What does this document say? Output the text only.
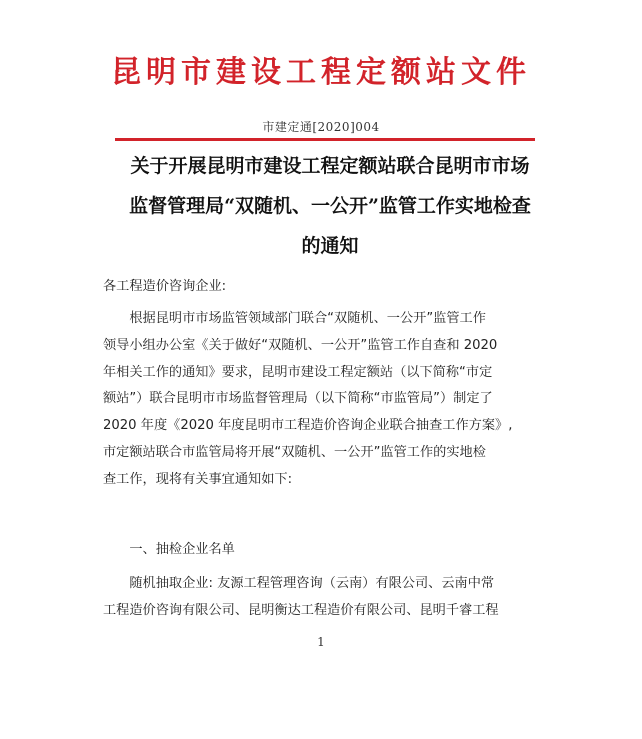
昆明市建设工程定额站文件
市建定通[2020]004
关于开展昆明市建设工程定额站联合昆明市市场
监督管理局“双随机、一公开”监管工作实地检查
的通知
各工程造价咨询企业:
　　根据昆明市市场监管领域部门联合“双随机、一公开”监管工作
领导小组办公室《关于做好“双随机、一公开”监管工作自查和 2020
年相关工作的通知》要求，昆明市建设工程定额站（以下简称“市定
额站”）联合昆明市市场监督管理局（以下简称“市监管局”）制定了
2020 年度《2020 年度昆明市工程造价咨询企业联合抽查工作方案》,
市定额站联合市监管局将开展“双随机、一公开”监管工作的实地检
查工作，现将有关事宜通知如下:
　　一、抽检企业名单
　　随机抽取企业: 友源工程管理咨询（云南）有限公司、云南中常
工程造价咨询有限公司、昆明衡达工程造价有限公司、昆明千睿工程
1
